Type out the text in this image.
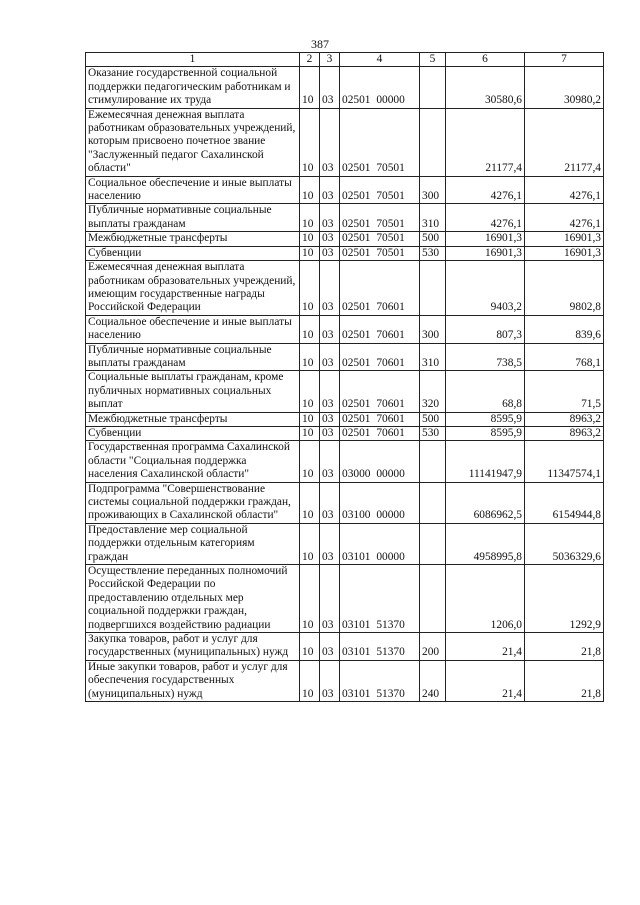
387
1	2	3	4	5	6	7
Оказание государственной социальной поддержки педагогическим работникам и стимулирование их труда	10	03	02501 00000		30580,6	30980,2
Ежемесячная денежная выплата работникам образовательных учреждений, которым присвоено почетное звание "Заслуженный педагог Сахалинской области"	10	03	02501 70501		21177,4	21177,4
Социальное обеспечение и иные выплаты населению	10	03	02501 70501	300	4276,1	4276,1
Публичные нормативные социальные выплаты гражданам	10	03	02501 70501	310	4276,1	4276,1
Межбюджетные трансферты	10	03	02501 70501	500	16901,3	16901,3
Субвенции	10	03	02501 70501	530	16901,3	16901,3
Ежемесячная денежная выплата работникам образовательных учреждений, имеющим государственные награды Российской Федерации	10	03	02501 70601		9403,2	9802,8
Социальное обеспечение и иные выплаты населению	10	03	02501 70601	300	807,3	839,6
Публичные нормативные социальные выплаты гражданам	10	03	02501 70601	310	738,5	768,1
Социальные выплаты гражданам, кроме публичных нормативных социальных выплат	10	03	02501 70601	320	68,8	71,5
Межбюджетные трансферты	10	03	02501 70601	500	8595,9	8963,2
Субвенции	10	03	02501 70601	530	8595,9	8963,2
Государственная программа Сахалинской области "Социальная поддержка населения Сахалинской области"	10	03	03000 00000		11141947,9	11347574,1
Подпрограмма "Совершенствование системы социальной поддержки граждан, проживающих в Сахалинской области"	10	03	03100 00000		6086962,5	6154944,8
Предоставление мер социальной поддержки отдельным категориям граждан	10	03	03101 00000		4958995,8	5036329,6
Осуществление переданных полномочий Российской Федерации по предоставлению отдельных мер социальной поддержки граждан, подвергшихся воздействию радиации	10	03	03101 51370		1206,0	1292,9
Закупка товаров, работ и услуг для государственных (муниципальных) нужд	10	03	03101 51370	200	21,4	21,8
Иные закупки товаров, работ и услуг для обеспечения государственных (муниципальных) нужд	10	03	03101 51370	240	21,4	21,8
